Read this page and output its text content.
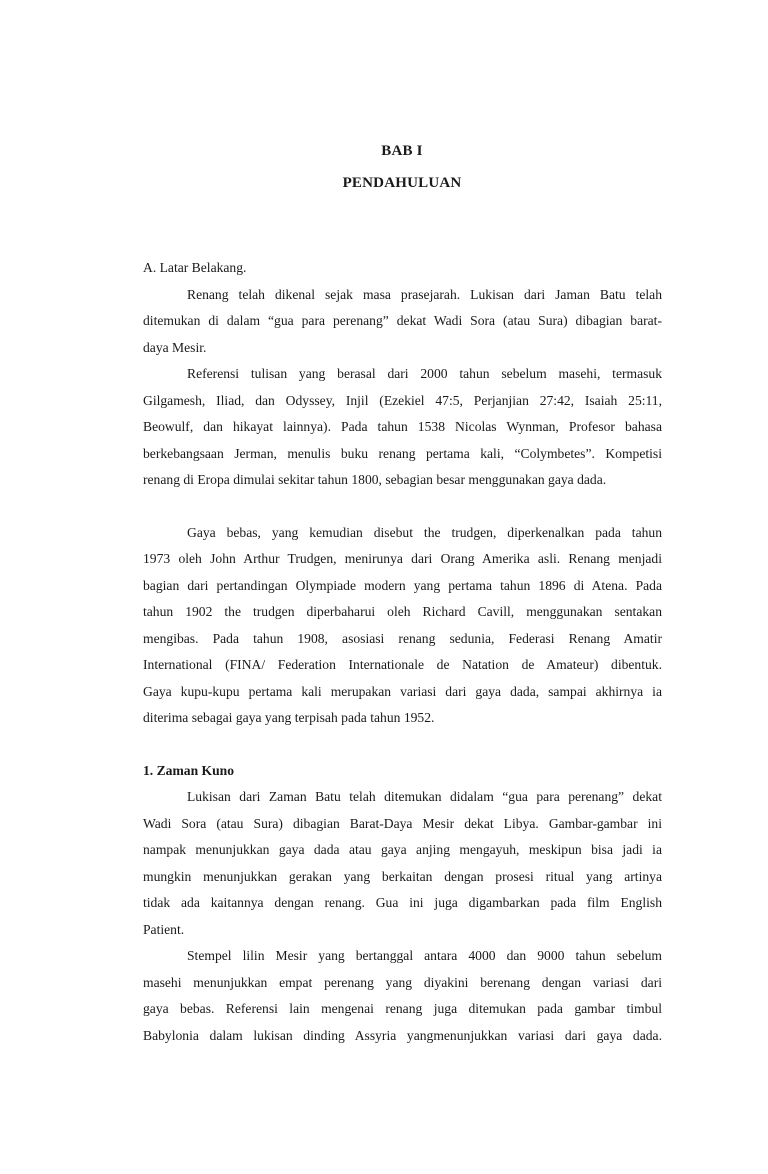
BAB I
PENDAHULUAN
A. Latar Belakang.
Renang telah dikenal sejak masa prasejarah. Lukisan dari Jaman Batu telah
ditemukan di dalam “gua para perenang” dekat Wadi Sora (atau Sura) dibagian barat-
daya Mesir.
Referensi tulisan yang berasal dari 2000 tahun sebelum masehi, termasuk
Gilgamesh, Iliad, dan Odyssey, Injil (Ezekiel 47:5, Perjanjian 27:42, Isaiah 25:11,
Beowulf, dan hikayat lainnya). Pada tahun 1538 Nicolas Wynman, Profesor bahasa
berkebangsaan Jerman, menulis buku renang pertama kali, “Colymbetes”. Kompetisi
renang di Eropa dimulai sekitar tahun 1800, sebagian besar menggunakan gaya dada.
Gaya bebas, yang kemudian disebut the trudgen, diperkenalkan pada tahun
1973 oleh John Arthur Trudgen, menirunya dari Orang Amerika asli. Renang menjadi
bagian dari pertandingan Olympiade modern yang pertama tahun 1896 di Atena. Pada
tahun 1902 the trudgen diperbaharui oleh Richard Cavill, menggunakan sentakan
mengibas. Pada tahun 1908, asosiasi renang sedunia, Federasi Renang Amatir
International (FINA/ Federation Internationale de Natation de Amateur) dibentuk.
Gaya kupu-kupu pertama kali merupakan variasi dari gaya dada, sampai akhirnya ia
diterima sebagai gaya yang terpisah pada tahun 1952.
1. Zaman Kuno
Lukisan dari Zaman Batu telah ditemukan didalam “gua para perenang” dekat
Wadi Sora (atau Sura) dibagian Barat-Daya Mesir dekat Libya. Gambar-gambar ini
nampak menunjukkan gaya dada atau gaya anjing mengayuh, meskipun bisa jadi ia
mungkin menunjukkan gerakan yang berkaitan dengan prosesi ritual yang artinya
tidak ada kaitannya dengan renang. Gua ini juga digambarkan pada film English
Patient.
Stempel lilin Mesir yang bertanggal antara 4000 dan 9000 tahun sebelum
masehi menunjukkan empat perenang yang diyakini berenang dengan variasi dari
gaya bebas. Referensi lain mengenai renang juga ditemukan pada gambar timbul
Babylonia dalam lukisan dinding Assyria yangmenunjukkan variasi dari gaya dada.
